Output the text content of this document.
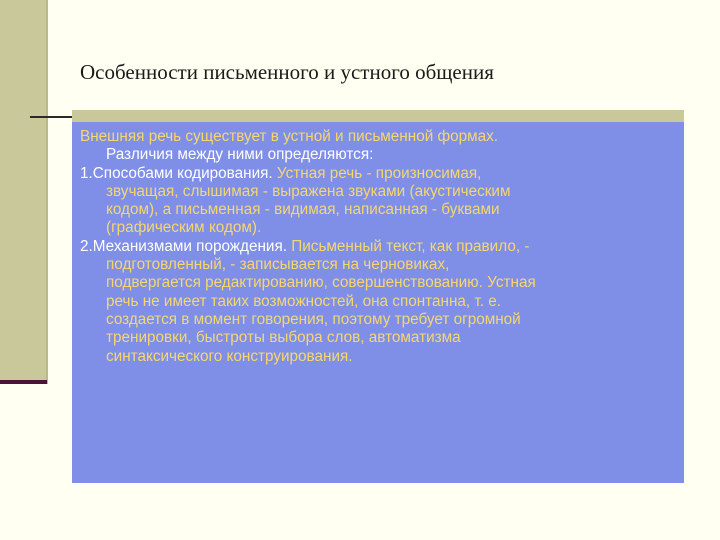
Особенности письменного и устного общения

Внешняя речь существует в устной и письменной формах.

Различия между ними определяются:

1.Способами кодирования. Устная речь - произносимая,

звучащая, слышимая - выражена звуками (акустическим

кодом), а письменная - видимая, написанная - буквами

(графическим кодом).

2.Механизмами порождения. Письменный текст, как правило, -

подготовленный, - записывается на черновиках,

подвергается редактированию, совершенствованию. Устная

речь не имеет таких возможностей, она спонтанна, т. е.

создается в момент говорения, поэтому требует огромной

тренировки, быстроты выбора слов, автоматизма

синтаксического конструирования.
